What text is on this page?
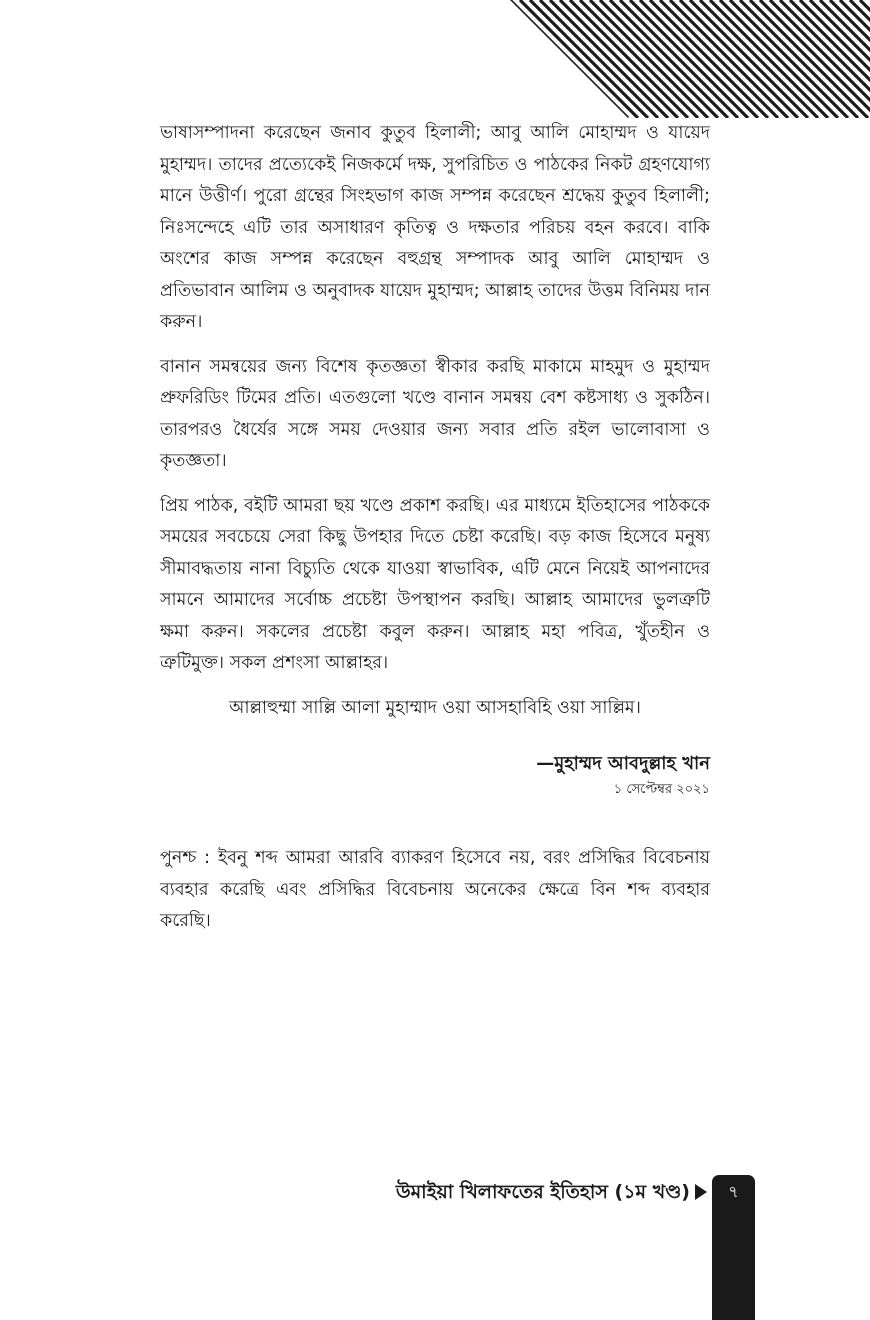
ভাষাসম্পাদনা করেছেন জনাব কুতুব হিলালী; আবু আলি মোহাম্মদ ও যায়েদ মুহাম্মদ। তাদের প্রত্যেকেই নিজকর্মে দক্ষ, সুপরিচিত ও পাঠকের নিকট গ্রহণযোগ্য মানে উত্তীর্ণ। পুরো গ্রন্থের সিংহভাগ কাজ সম্পন্ন করেছেন শ্রদ্ধেয় কুতুব হিলালী; নিঃসন্দেহে এটি তার অসাধারণ কৃতিত্ব ও দক্ষতার পরিচয় বহন করবে। বাকি অংশের কাজ সম্পন্ন করেছেন বহুগ্রন্থ সম্পাদক আবু আলি মোহাম্মদ ও প্রতিভাবান আলিম ও অনুবাদক যায়েদ মুহাম্মদ; আল্লাহ তাদের উত্তম বিনিময় দান করুন।

বানান সমন্বয়ের জন্য বিশেষ কৃতজ্ঞতা স্বীকার করছি মাকামে মাহমুদ ও মুহাম্মদ প্রুফরিডিং টিমের প্রতি। এতগুলো খণ্ডে বানান সমন্বয় বেশ কষ্টসাধ্য ও সুকঠিন। তারপরও ধৈর্যের সঙ্গে সময় দেওয়ার জন্য সবার প্রতি রইল ভালোবাসা ও কৃতজ্ঞতা।

প্রিয় পাঠক, বইটি আমরা ছয় খণ্ডে প্রকাশ করছি। এর মাধ্যমে ইতিহাসের পাঠককে সময়ের সবচেয়ে সেরা কিছু উপহার দিতে চেষ্টা করেছি। বড় কাজ হিসেবে মনুষ্য সীমাবদ্ধতায় নানা বিচ্যুতি থেকে যাওয়া স্বাভাবিক, এটি মেনে নিয়েই আপনাদের সামনে আমাদের সর্বোচ্চ প্রচেষ্টা উপস্থাপন করছি। আল্লাহ আমাদের ভুলত্রুটি ক্ষমা করুন। সকলের প্রচেষ্টা কবুল করুন। আল্লাহ মহা পবিত্র, খুঁতহীন ও ত্রুটিমুক্ত। সকল প্রশংসা আল্লাহর।

আল্লাহুম্মা সাল্লি আলা মুহাম্মাদ ওয়া আসহাবিহি ওয়া সাল্লিম।

—মুহাম্মদ আবদুল্লাহ খান
১ সেপ্টেম্বর ২০২১

পুনশ্চ : ইবনু শব্দ আমরা আরবি ব্যাকরণ হিসেবে নয়, বরং প্রসিদ্ধির বিবেচনায় ব্যবহার করেছি এবং প্রসিদ্ধির বিবেচনায় অনেকের ক্ষেত্রে বিন শব্দ ব্যবহার করেছি।

উমাইয়া খিলাফতের ইতিহাস (১ম খণ্ড)	৭
